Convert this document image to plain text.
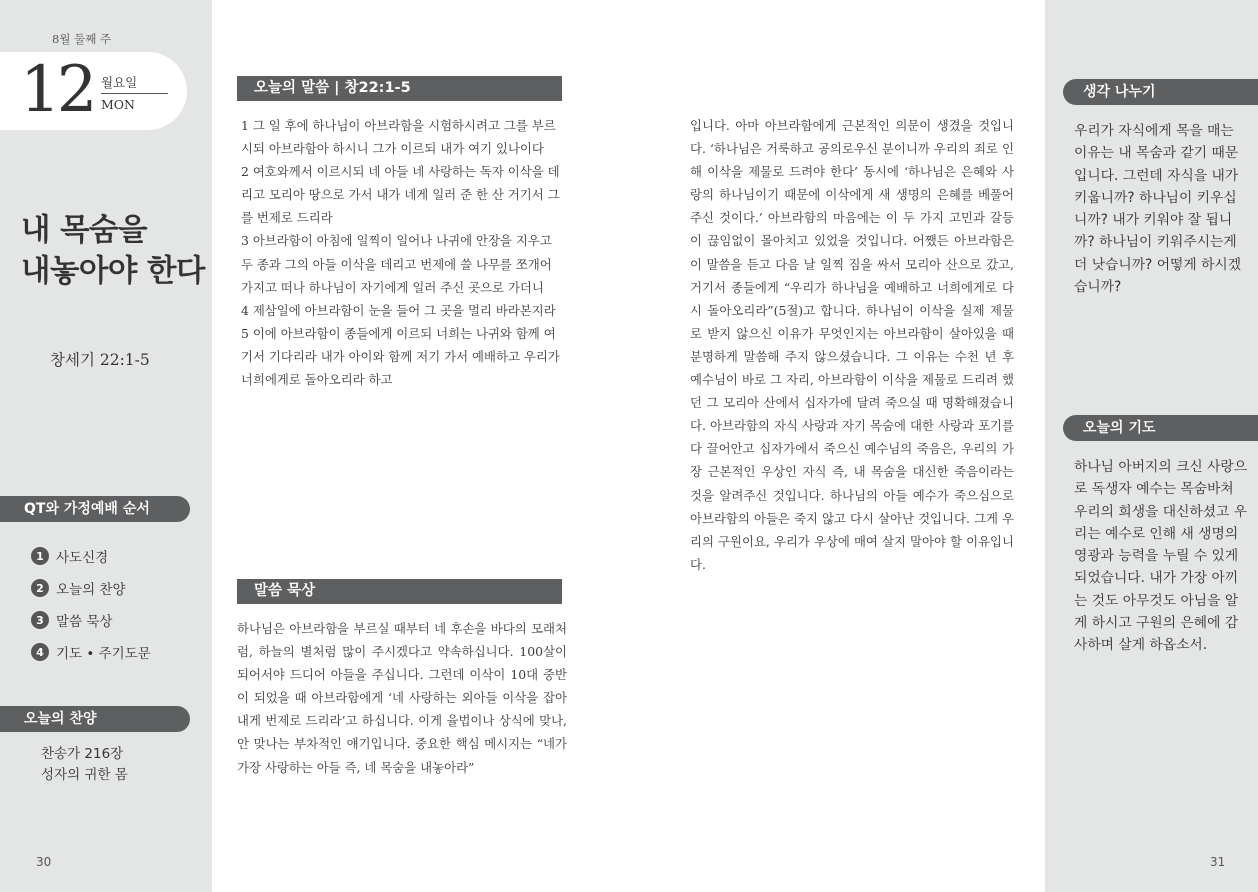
8월 둘째 주
12 월요일
MON
내 목숨을
내놓아야 한다
창세기 22:1-5
QT와 가정예배 순서
1 사도신경
2 오늘의 찬양
3 말씀 묵상
4 기도 • 주기도문
오늘의 찬양
찬송가 216장
성자의 귀한 몸
30
오늘의 말씀 | 창22:1-5

1 그 일 후에 하나님이 아브라함을 시험하시려고 그를 부르시되 아브라함아 하시니 그가 이르되 내가 여기 있나이다

2 여호와께서 이르시되 네 아들 네 사랑하는 독자 이삭을 데리고 모리아 땅으로 가서 내가 네게 일러 준 한 산 거기서 그를 번제로 드리라

3 아브라함이 아침에 일찍이 일어나 나귀에 안장을 지우고 두 종과 그의 아들 이삭을 데리고 번제에 쓸 나무를 쪼개어 가지고 떠나 하나님이 자기에게 일러 주신 곳으로 가더니

4 제삼일에 아브라함이 눈을 들어 그 곳을 멀리 바라본지라

5 이에 아브라함이 종들에게 이르되 너희는 나귀와 함께 여기서 기다리라 내가 아이와 함께 저기 가서 예배하고 우리가 너희에게로 돌아오리라 하고

말씀 묵상
하나님은 아브라함을 부르실 때부터 네 후손을 바다의 모래처럼, 하늘의 별처럼 많이 주시겠다고 약속하십니다. 100살이 되어서야 드디어 아들을 주십니다. 그런데 이삭이 10대 중반이 되었을 때 아브라함에게 ‘네 사랑하는 외아들 이삭을 잡아 내게 번제로 드리라’고 하십니다. 이게 율법이나 상식에 맞나, 안 맞나는 부차적인 얘기입니다. 중요한 핵심 메시지는 “네가 가장 사랑하는 아들 즉, 네 목숨을 내놓아라”
입니다. 아마 아브라함에게 근본적인 의문이 생겼을 것입니다. ‘하나님은 거룩하고 공의로우신 분이니까 우리의 죄로 인해 이삭을 제물로 드려야 한다’ 동시에 ‘하나님은 은혜와 사랑의 하나님이기 때문에 이삭에게 새 생명의 은혜를 베풀어주신 것이다.’ 아브라함의 마음에는 이 두 가지 고민과 갈등이 끊임없이 몰아치고 있었을 것입니다. 어쨌든 아브라함은 이 말씀을 듣고 다음 날 일찍 짐을 싸서 모리아 산으로 갔고, 거기서 종들에게 “우리가 하나님을 예배하고 너희에게로 다시 돌아오리라”(5절)고 합니다. 하나님이 이삭을 실제 제물로 받지 않으신 이유가 무엇인지는 아브라함이 살아있을 때 분명하게 말씀해 주지 않으셨습니다. 그 이유는 수천 년 후 예수님이 바로 그 자리, 아브라함이 이삭을 제물로 드리려 했던 그 모리아 산에서 십자가에 달려 죽으실 때 명확해졌습니다. 아브라함의 자식 사랑과 자기 목숨에 대한 사랑과 포기를 다 끌어안고 십자가에서 죽으신 예수님의 죽음은, 우리의 가장 근본적인 우상인 자식 즉, 내 목숨을 대신한 죽음이라는 것을 알려주신 것입니다. 하나님의 아들 예수가 죽으심으로 아브라함의 아들은 죽지 않고 다시 살아난 것입니다. 그게 우리의 구원이요, 우리가 우상에 매여 살지 말아야 할 이유입니다.
생각 나누기
우리가 자식에게 목을 매는 이유는 내 목숨과 같기 때문입니다. 그런데 자식을 내가 키웁니까? 하나님이 키우십니까? 내가 키워야 잘 됩니까? 하나님이 키워주시는게 더 낫습니까? 어떻게 하시겠습니까?
오늘의 기도
하나님 아버지의 크신 사랑으로 독생자 예수는 목숨바쳐 우리의 희생을 대신하셨고 우리는 예수로 인해 새 생명의 영광과 능력을 누릴 수 있게 되었습니다. 내가 가장 아끼는 것도 아무것도 아님을 알게 하시고 구원의 은혜에 감사하며 살게 하옵소서.
31
